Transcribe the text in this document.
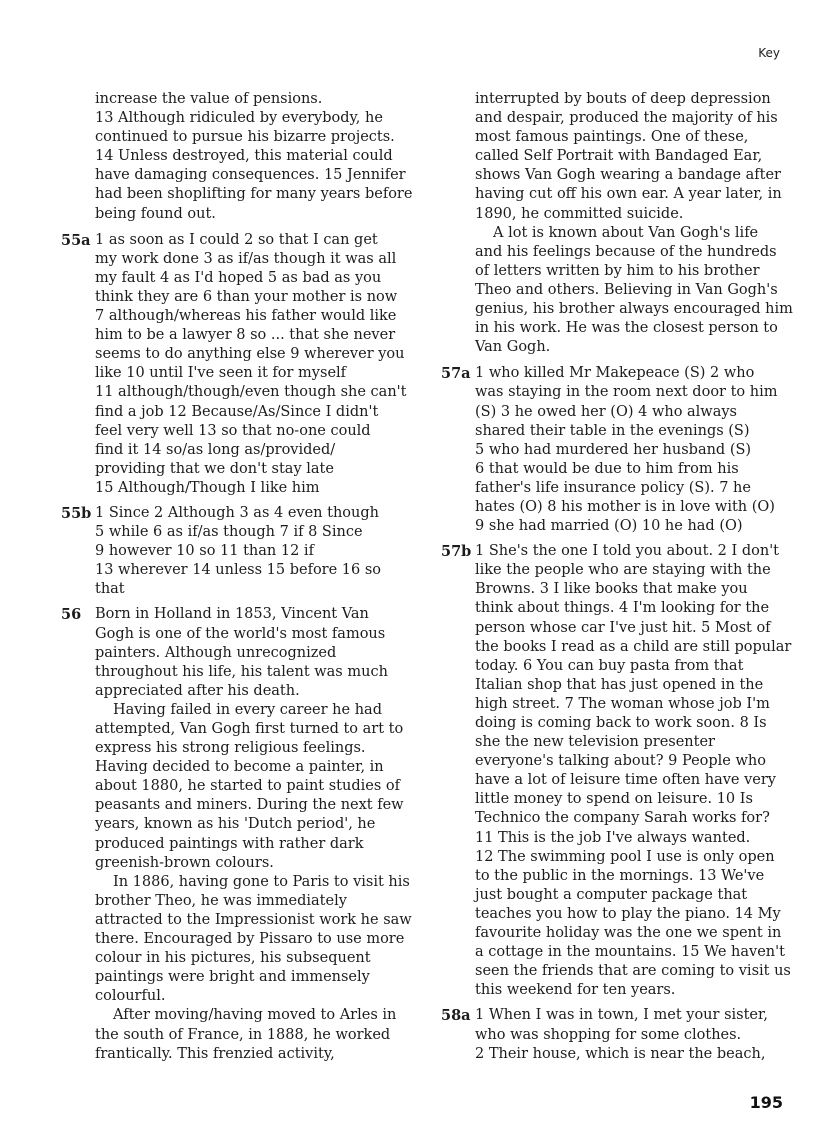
Key
increase the value of pensions.
13 Although ridiculed by everybody, he
continued to pursue his bizarre projects.
14 Unless destroyed, this material could
have damaging consequences. 15 Jennifer
had been shoplifting for many years before
being found out.
55a 1 as soon as I could 2 so that I can get
my work done 3 as if/as though it was all
my fault 4 as I'd hoped 5 as bad as you
think they are 6 than your mother is now
7 although/whereas his father would like
him to be a lawyer 8 so ... that she never
seems to do anything else 9 wherever you
like 10 until I've seen it for myself
11 although/though/even though she can't
find a job 12 Because/As/Since I didn't
feel very well 13 so that no-one could
find it 14 so/as long as/provided/
providing that we don't stay late
15 Although/Though I like him
55b 1 Since 2 Although 3 as 4 even though
5 while 6 as if/as though 7 if 8 Since
9 however 10 so 11 than 12 if
13 wherever 14 unless 15 before 16 so
that
56 Born in Holland in 1853, Vincent Van
Gogh is one of the world's most famous
painters. Although unrecognized
throughout his life, his talent was much
appreciated after his death.
Having failed in every career he had
attempted, Van Gogh first turned to art to
express his strong religious feelings.
Having decided to become a painter, in
about 1880, he started to paint studies of
peasants and miners. During the next few
years, known as his 'Dutch period', he
produced paintings with rather dark
greenish-brown colours.
In 1886, having gone to Paris to visit his
brother Theo, he was immediately
attracted to the Impressionist work he saw
there. Encouraged by Pissaro to use more
colour in his pictures, his subsequent
paintings were bright and immensely
colourful.
After moving/having moved to Arles in
the south of France, in 1888, he worked
frantically. This frenzied activity,
interrupted by bouts of deep depression
and despair, produced the majority of his
most famous paintings. One of these,
called Self Portrait with Bandaged Ear,
shows Van Gogh wearing a bandage after
having cut off his own ear. A year later, in
1890, he committed suicide.
A lot is known about Van Gogh's life
and his feelings because of the hundreds
of letters written by him to his brother
Theo and others. Believing in Van Gogh's
genius, his brother always encouraged him
in his work. He was the closest person to
Van Gogh.
57a 1 who killed Mr Makepeace (S) 2 who
was staying in the room next door to him
(S) 3 he owed her (O) 4 who always
shared their table in the evenings (S)
5 who had murdered her husband (S)
6 that would be due to him from his
father's life insurance policy (S). 7 he
hates (O) 8 his mother is in love with (O)
9 she had married (O) 10 he had (O)
57b 1 She's the one I told you about. 2 I don't
like the people who are staying with the
Browns. 3 I like books that make you
think about things. 4 I'm looking for the
person whose car I've just hit. 5 Most of
the books I read as a child are still popular
today. 6 You can buy pasta from that
Italian shop that has just opened in the
high street. 7 The woman whose job I'm
doing is coming back to work soon. 8 Is
she the new television presenter
everyone's talking about? 9 People who
have a lot of leisure time often have very
little money to spend on leisure. 10 Is
Technico the company Sarah works for?
11 This is the job I've always wanted.
12 The swimming pool I use is only open
to the public in the mornings. 13 We've
just bought a computer package that
teaches you how to play the piano. 14 My
favourite holiday was the one we spent in
a cottage in the mountains. 15 We haven't
seen the friends that are coming to visit us
this weekend for ten years.
58a 1 When I was in town, I met your sister,
who was shopping for some clothes.
2 Their house, which is near the beach,
195
